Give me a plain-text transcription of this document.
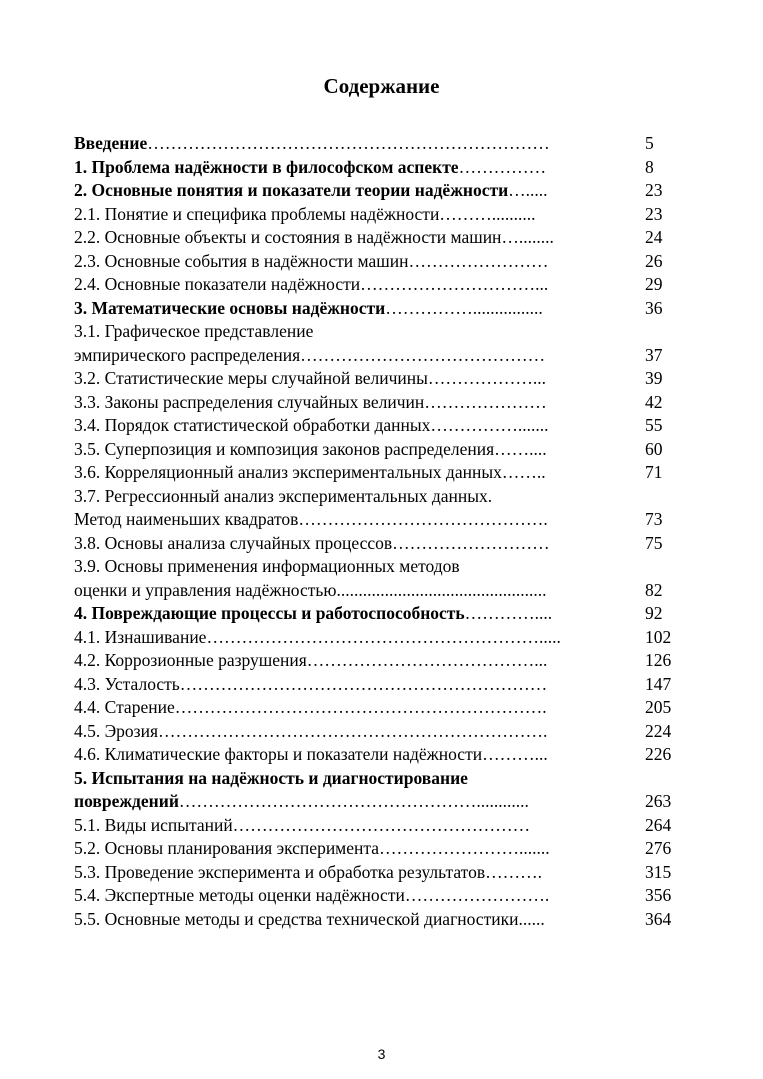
Содержание
Введение……………………………………………………………	5
1. Проблема надёжности в философском аспекте……………	8
2. Основные понятия и показатели теории надёжности….....	23
2.1. Понятие и специфика проблемы надёжности………..........	23
2.2. Основные объекты и состояния в надёжности машин…........	24
2.3. Основные события в надёжности машин……………………	26
2.4. Основные показатели надёжности…………………………...	29
3. Математические основы надёжности……………................	36
3.1. Графическое представление
эмпирического распределения……………………………………	37
3.2. Статистические меры случайной величины………………...	39
3.3. Законы распределения случайных величин…………………	42
3.4. Порядок статистической обработки данных…………….......	55
3.5. Суперпозиция и композиция законов распределения……....	60
3.6. Корреляционный анализ экспериментальных данных……..	71
3.7. Регрессионный анализ экспериментальных данных.
Метод наименьших квадратов…………………………………….	73
3.8. Основы анализа случайных процессов………………………	75
3.9. Основы применения информационных методов
оценки и управления надёжностью................................................	82
4. Повреждающие процессы и работоспособность…………....	92
4.1. Изнашивание………………………………………………….....	102
4.2. Коррозионные разрушения…………………………………...	126
4.3. Усталость………………………………………………………	147
4.4. Старение……………………………………………………….	205
4.5. Эрозия………………………………………………………….	224
4.6. Климатические факторы и показатели надёжности………...	226
5. Испытания на надёжность и диагностирование
повреждений……………………………………………............	263
5.1. Виды испытаний……………………………………………	264
5.2. Основы планирования эксперимента…………………….......	276
5.3. Проведение эксперимента и обработка результатов……….	315
5.4. Экспертные методы оценки надёжности…………………….	356
5.5. Основные методы и средства технической диагностики......	364
3
